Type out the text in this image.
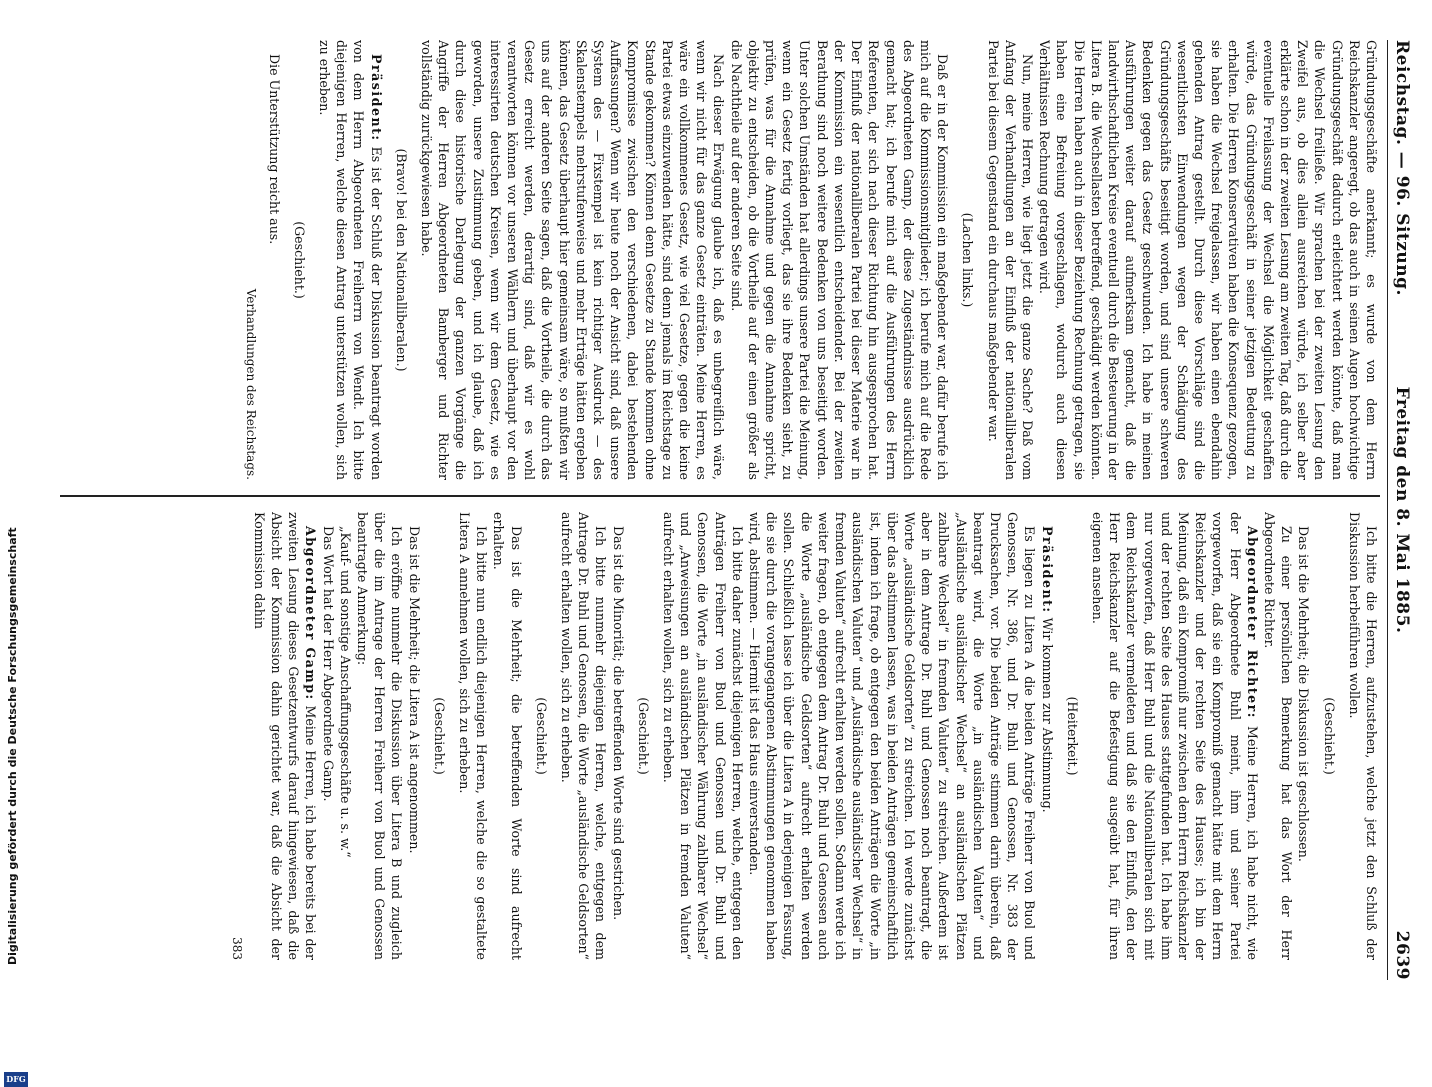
Reichstag. — 96. Sitzung.
Freitag den 8. Mai 1885.
2639

Gründungsgeschäfte anerkannt; es wurde von dem Herrn Reichskanzler angeregt, ob das auch in seinen Augen hochwichtige Gründungsgeschäft dadurch erleichtert werden könnte, daß man die Wechsel freiließe. Wir sprachen bei der zweiten Lesung den Zweifel aus, ob dies allein ausreichen würde, ich selber aber erklärte schon in der zweiten Lesung am zweiten Tag, daß durch die eventuelle Freilassung der Wechsel die Möglichkeit geschaffen würde, das Gründungsgeschäft in seiner jetzigen Bedeutung zu erhalten. Die Herren Konservativen haben die Konsequenz gezogen, sie haben die Wechsel freigelassen, wir haben einen ebendahin gehenden Antrag gestellt. Durch diese Vorschläge sind die wesentlichsten Einwendungen wegen der Schädigung des Gründungsgeschäfts beseitigt worden, und sind unsere schweren Bedenken gegen das Gesetz geschwunden. Ich habe in meinen Ausführungen weiter darauf aufmerksam gemacht, daß die landwirthschaftlichen Kreise eventuell durch die Besteuerung in der Litera B. die Wechsellasten betreffend, geschädigt werden könnten. Die Herren haben auch in dieser Beziehung Rechnung getragen, sie haben eine Befreiung vorgeschlagen, wodurch auch diesen Verhältnissen Rechnung getragen wird.

Nun, meine Herren, wie liegt jetzt die ganze Sache? Daß vom Anfang der Verhandlungen an der Einfluß der nationalliberalen Partei bei diesem Gegenstand ein durchaus maßgebender war.

(Lachen links.)

Daß er in der Kommission ein maßgebender war, dafür berufe ich mich auf die Kommissionsmitglieder; ich berufe mich auf die Rede des Abgeordneten Gamp, der diese Zugeständnisse ausdrücklich gemacht hat; ich berufe mich auf die Ausführungen des Herrn Referenten, der sich nach dieser Richtung hin ausgesprochen hat. Der Einfluß der nationalliberalen Partei bei dieser Materie war in der Kommission ein wesentlich entscheidender. Bei der zweiten Berathung sind noch weitere Bedenken von uns beseitigt worden. Unter solchen Umständen hat allerdings unsere Partei die Meinung, wenn ein Gesetz fertig vorliegt, das sie ihre Bedenken sieht, zu prüfen, was für die Annahme und gegen die Annahme spricht, objektiv zu entscheiden, ob die Vortheile auf der einen größer als die Nachtheile auf der anderen Seite sind.

Nach dieser Erwägung glaube ich, daß es unbegreiflich wäre, wenn wir nicht für das ganze Gesetz einträten. Meine Herren, es wäre ein vollkommenes Gesetz, wie viel Gesetze, gegen die keine Partei etwas einzuwenden hätte, sind denn jemals im Reichstage zu Stande gekommen? Können denn Gesetze zu Stande kommen ohne Kompromisse zwischen den verschiedenen, dabei bestehenden Auffassungen? Wenn wir heute noch der Ansicht sind, daß unsere System des — Fixstempel ist kein richtiger Ausdruck — des Skalenstempels mehrstufenweise und mehr Erträge hätten ergeben können, das Gesetz überhaupt hier gemeinsam wäre, so mußten wir uns auf der anderen Seite sagen, daß die Vortheile, die durch das Gesetz erreicht werden, derartig sind, daß wir es wohl verantworten können vor unseren Wählern und überhaupt vor den interessirten deutschen Kreisen, wenn wir dem Gesetz, wie es geworden, unsere Zustimmung geben, und ich glaube, daß ich durch diese historische Darlegung der ganzen Vorgänge die Angriffe der Herren Abgeordneten Bamberger und Richter vollständig zurückgewiesen habe.

(Bravo! bei den Nationalliberalen.)

Präsident: Es ist der Schluß der Diskussion beantragt worden von dem Herrn Abgeordneten Freiherrn von Wendt. Ich bitte diejenigen Herren, welche diesen Antrag unterstützen wollen, sich zu erheben.

(Geschieht.)

Die Unterstützung reicht aus.

Verhandlungen des Reichstags.

Ich bitte die Herren, aufzustehen, welche jetzt den Schluß der Diskussion herbeiführen wollen.

(Geschieht.)

Das ist die Mehrheit; die Diskussion ist geschlossen.

Zu einer persönlichen Bemerkung hat das Wort der Herr Abgeordnete Richter.

Abgeordneter Richter: Meine Herren, ich habe nicht, wie der Herr Abgeordnete Buhl meint, ihm und seiner Partei vorgeworfen, daß sie ein Kompromiß gemacht hätte mit dem Herrn Reichskanzler und der rechten Seite des Hauses; ich bin der Meinung, daß ein Kompromiß nur zwischen dem Herrn Reichskanzler und der rechten Seite des Hauses stattgefunden hat. Ich habe ihm nur vorgeworfen, daß Herr Buhl und die Nationalliberalen sich mit dem Reichskanzler vermeldeten und daß sie den Einfluß, den der Herr Reichskanzler auf die Befestigung ausgeübt hat, für ihren eigenen ansehen.

(Heiterkeit.)

Präsident: Wir kommen zur Abstimmung.

Es liegen zu Litera A die beiden Anträge Freiherr von Buol und Genossen, Nr. 386, und Dr. Buhl und Genossen, Nr. 383 der Drucksachen, vor. Die beiden Anträge stimmen darin überein, daß beantragt wird, die Worte „in ausländischen Valuten“ und „Ausländische ausländischer Wechsel“ an ausländischen Plätzen zahlbare Wechsel“ in fremden Valuten“ zu streichen. Außerdem ist aber in dem Antrage Dr. Buhl und Genossen noch beantragt, die Worte „ausländische Geldsorten“ zu streichen. Ich werde zunächst über das abstimmen lassen, was in beiden Anträgen gemeinschaftlich ist, indem ich frage, ob entgegen den beiden Anträgen die Worte „in ausländischen Valuten“ und „Ausländische ausländischer Wechsel“ in fremden Valuten“ aufrecht erhalten werden sollen. Sodann werde ich weiter fragen, ob entgegen dem Antrag Dr. Buhl und Genossen auch die Worte „ausländische Geldsorten“ aufrecht erhalten werden sollen. Schließlich lasse ich über die Litera A in derjenigen Fassung, die sie durch die vorangegangenen Abstimmungen genommen haben wird, abstimmen. — Hiermit ist das Haus einverstanden.

Ich bitte daher zunächst diejenigen Herren, welche, entgegen den Anträgen Freiherr von Buol und Genossen und Dr. Buhl und Genossen, die Worte „in ausländischer Währung zahlbarer Wechsel“ und „Anweisungen an ausländischen Plätzen in fremden Valuten“ aufrecht erhalten wollen, sich zu erheben.

(Geschieht.)

Das ist die Minorität; die betreffenden Worte sind gestrichen.

Ich bitte nunmehr diejenigen Herren, welche, entgegen dem Antrage Dr. Buhl und Genossen, die Worte „ausländische Geldsorten“ aufrecht erhalten wollen, sich zu erheben.

(Geschieht.)

Das ist die Mehrheit; die betreffenden Worte sind aufrecht erhalten.

Ich bitte nun endlich diejenigen Herren, welche die so gestaltete Litera A annehmen wollen, sich zu erheben.

(Geschieht.)

Das ist die Mehrheit; die Litera A ist angenommen.

Ich eröffne nunmehr die Diskussion über Litera B und zugleich über die im Antrage der Herren Freiherr von Buol und Genossen beantragte Anmerkung:

„Kauf- und sonstige Anschaffungsgeschäfte u. s. w.“

Das Wort hat der Herr Abgeordnete Gamp.

Abgeordneter Gamp: Meine Herren, ich habe bereits bei der zweiten Lesung dieses Gesetzentwurfs darauf hingewiesen, daß die Absicht der Kommission dahin gerichtet war, daß die Absicht der Kommission dahin

383

Digitalisierung gefördert durch die Deutsche Forschungsgemeinschaft
DFG
